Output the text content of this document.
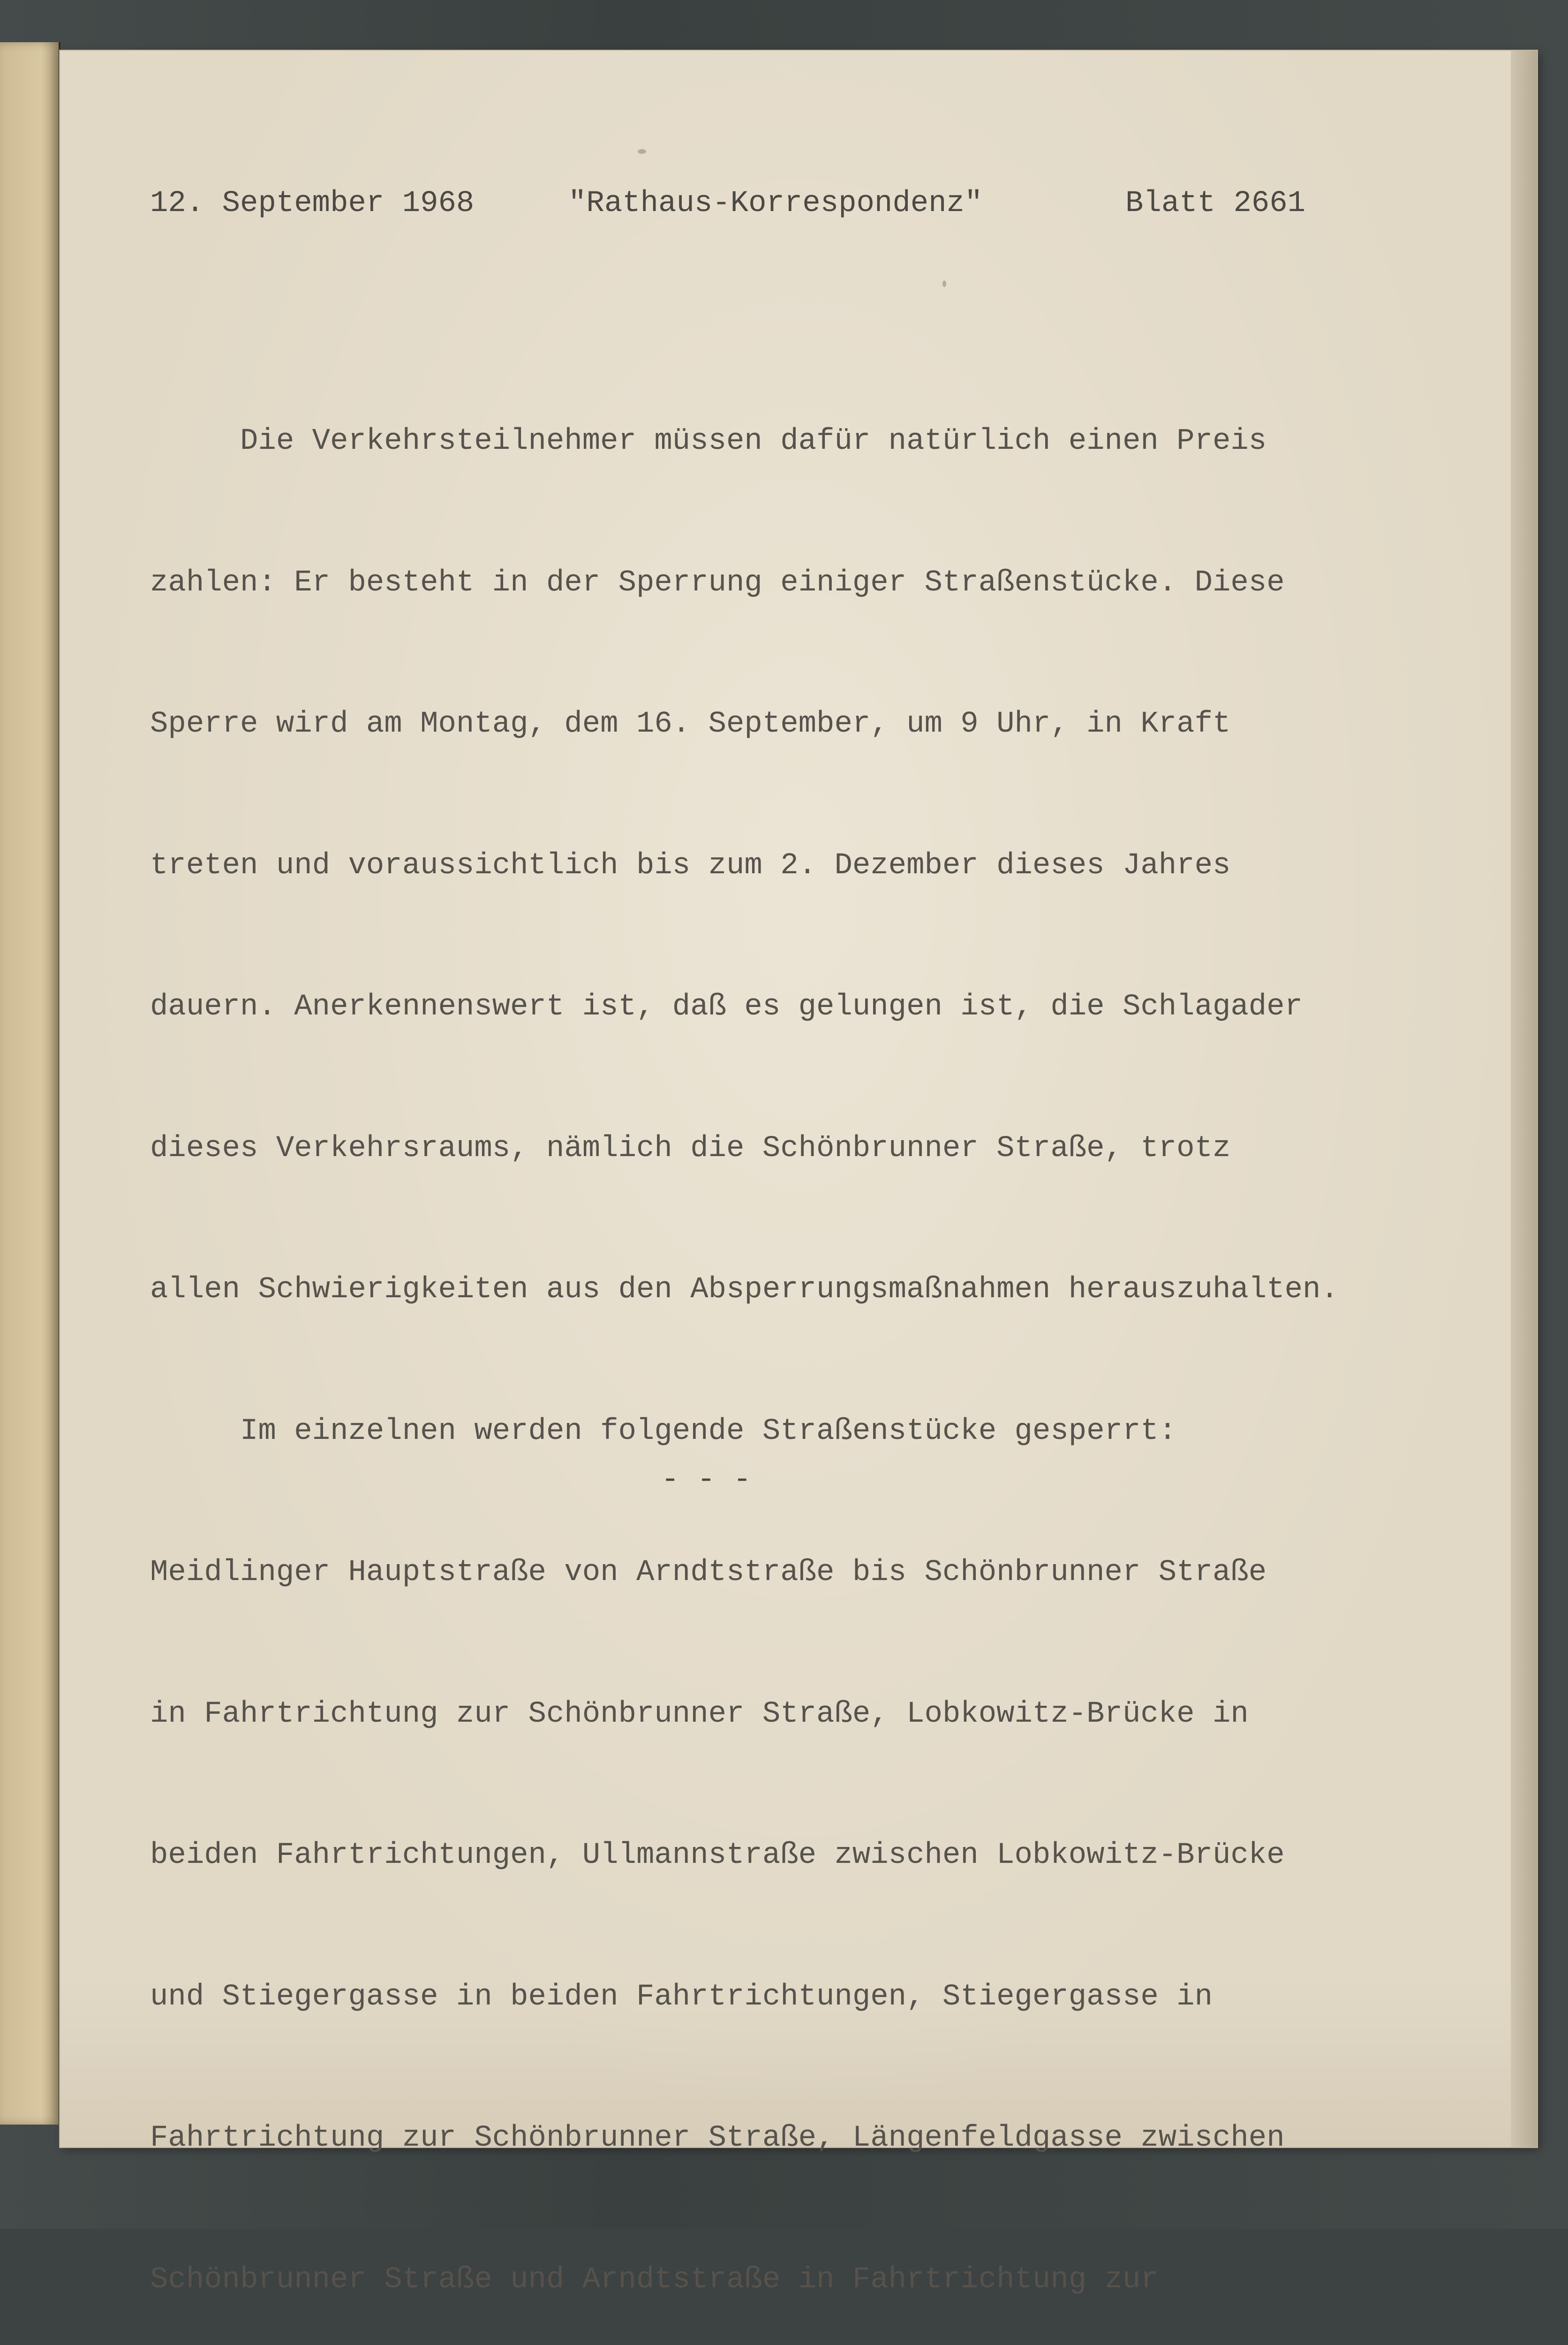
12. September 1968	"Rathaus-Korrespondenz"	Blatt 2661

Die Verkehrsteilnehmer müssen dafür natürlich einen Preis

zahlen: Er besteht in der Sperrung einiger Straßenstücke. Diese

Sperre wird am Montag, dem 16. September, um 9 Uhr, in Kraft

treten und voraussichtlich bis zum 2. Dezember dieses Jahres

dauern. Anerkennenswert ist, daß es gelungen ist, die Schlagader

dieses Verkehrsraums, nämlich die Schönbrunner Straße, trotz

allen Schwierigkeiten aus den Absperrungsmaßnahmen herauszuhalten.

Im einzelnen werden folgende Straßenstücke gesperrt:

Meidlinger Hauptstraße von Arndtstraße bis Schönbrunner Straße

in Fahrtrichtung zur Schönbrunner Straße, Lobkowitz-Brücke in

beiden Fahrtrichtungen, Ullmannstraße zwischen Lobkowitz-Brücke

und Stiegergasse in beiden Fahrtrichtungen, Stiegergasse in

Fahrtrichtung zur Schönbrunner Straße, Längenfeldgasse zwischen

Schönbrunner Straße und Arndtstraße in Fahrtrichtung zur

- - -
